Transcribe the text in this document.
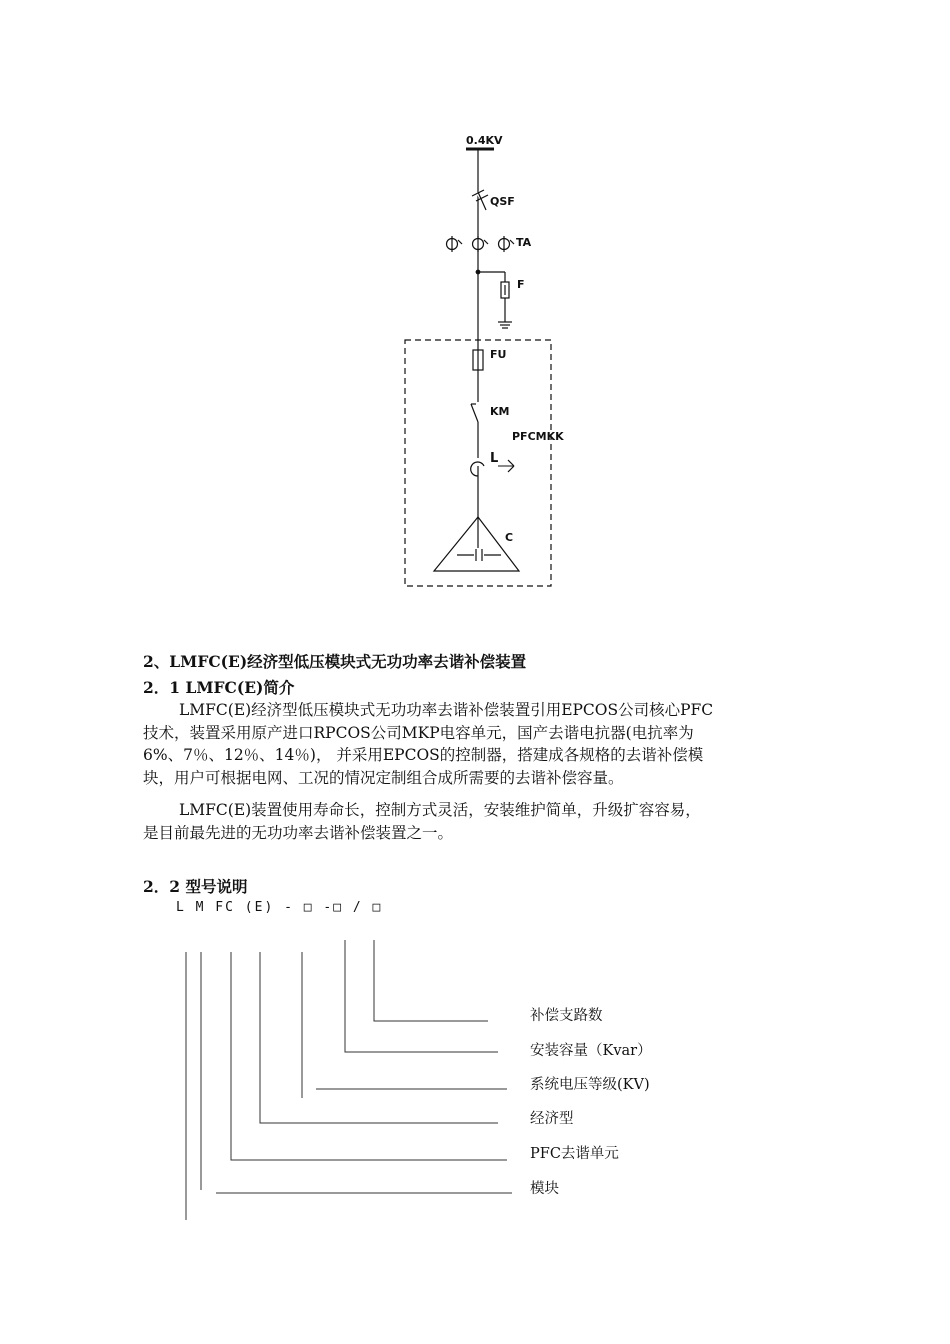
0.4KV
QSF
TA
F
FU
KM
PFCMKK
L
C
2、LMFC(E)经济型低压模块式无功功率去谐补偿装置
2．1 LMFC(E)简介
LMFC(E)经济型低压模块式无功功率去谐补偿装置引用EPCOS公司核心PFC
技术，装置采用原产进口RPCOS公司MKP电容单元，国产去谐电抗器(电抗率为
6%、7％、12％、14％)， 并采用EPCOS的控制器，搭建成各规格的去谐补偿模
块，用户可根据电网、工况的情况定制组合成所需要的去谐补偿容量。
LMFC(E)装置使用寿命长，控制方式灵活，安装维护简单，升级扩容容易，
是目前最先进的无功功率去谐补偿装置之一。
2．2 型号说明
L M FC (E) - □ -□ / □
补偿支路数
安装容量（Kvar）
系统电压等级(KV)
经济型
PFC去谐单元
模块
